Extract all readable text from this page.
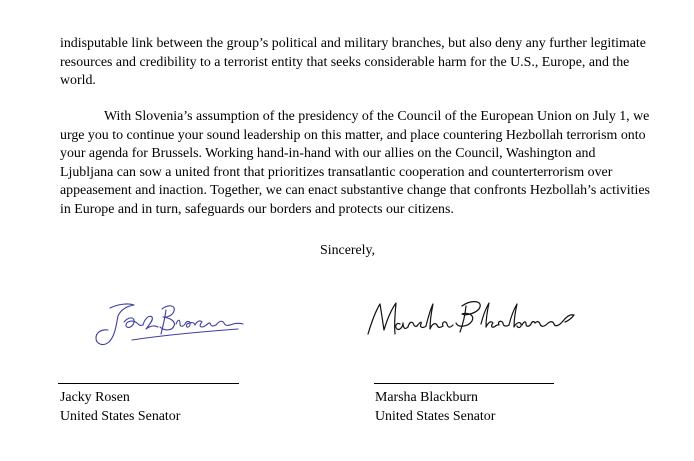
indisputable link between the group’s political and military branches, but also deny any further legitimate resources and credibility to a terrorist entity that seeks considerable harm for the U.S., Europe, and the world.

With Slovenia’s assumption of the presidency of the Council of the European Union on July 1, we urge you to continue your sound leadership on this matter, and place countering Hezbollah terrorism onto your agenda for Brussels. Working hand-in-hand with our allies on the Council, Washington and Ljubljana can sow a united front that prioritizes transatlantic cooperation and counterterrorism over appeasement and inaction. Together, we can enact substantive change that confronts Hezbollah’s activities in Europe and in turn, safeguards our borders and protects our citizens.

Sincerely,
Jacky Rosen
United States Senator
Marsha Blackburn
United States Senator
